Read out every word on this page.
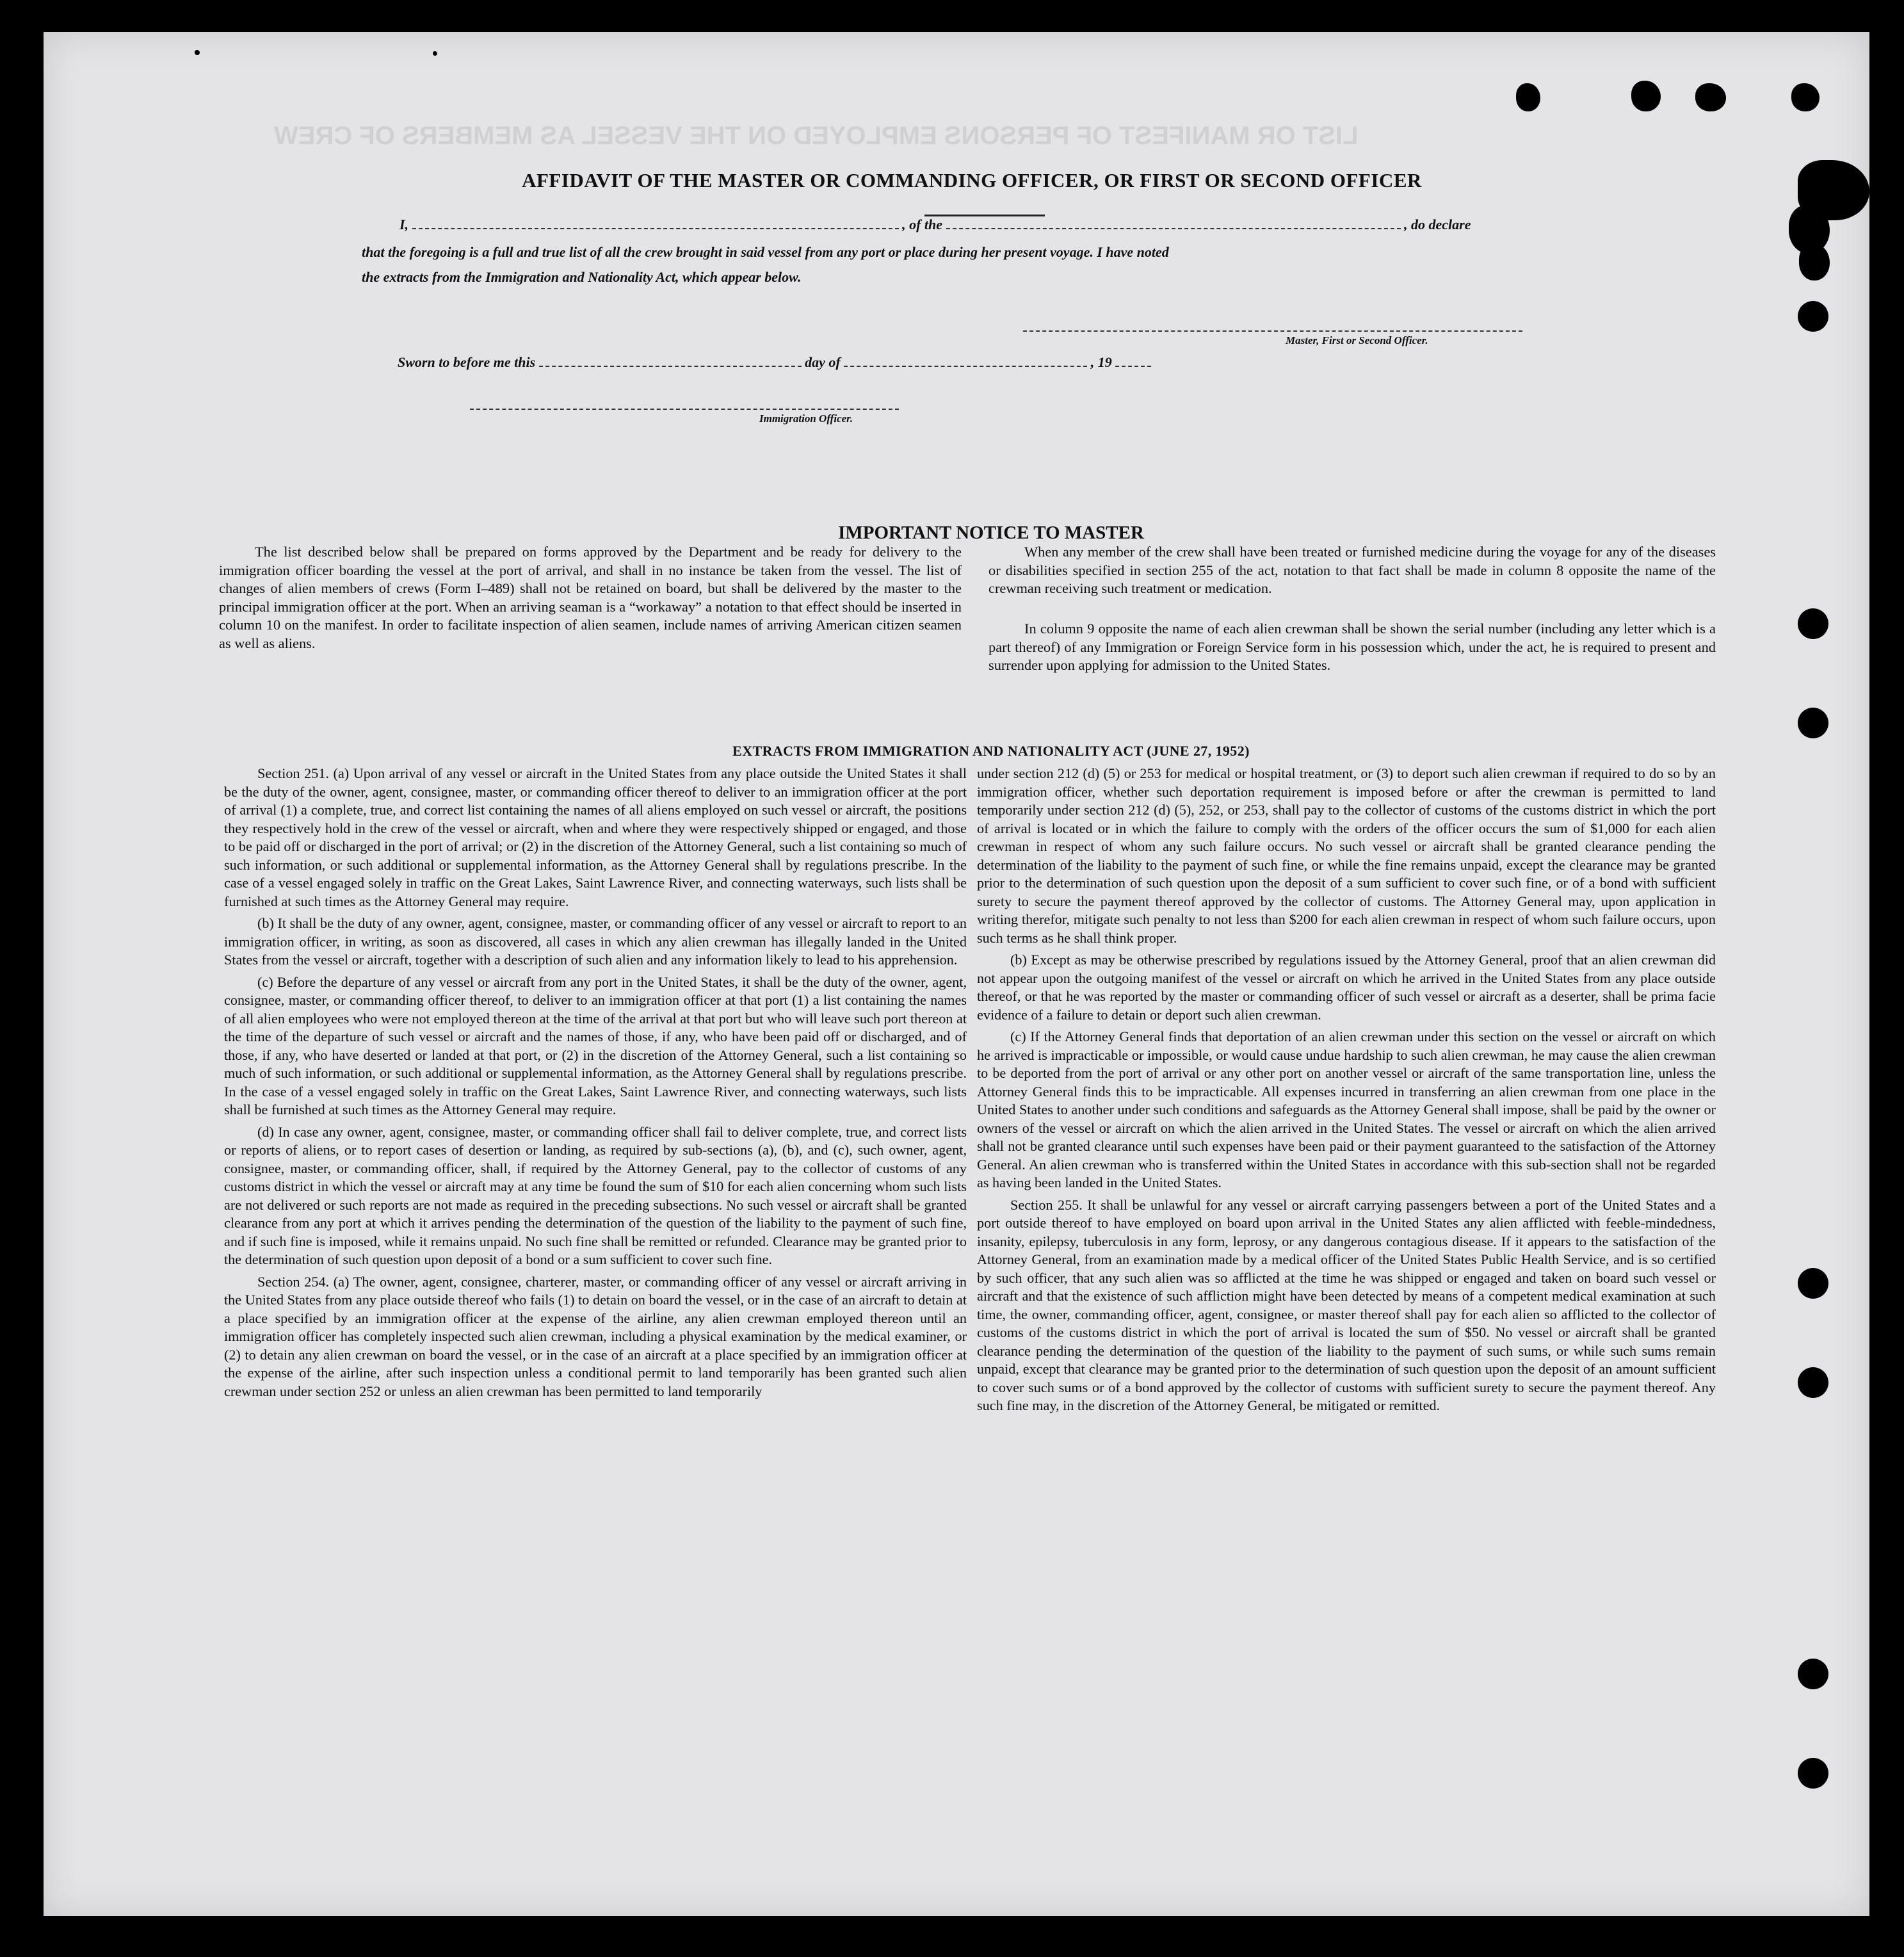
LIST OR MANIFEST OF PERSONS EMPLOYED ON THE VESSEL AS MEMBERS OF CREW
AFFIDAVIT OF THE MASTER OR COMMANDING OFFICER, OR FIRST OR SECOND OFFICER
I,	, of the	, do declare
that the foregoing is a full and true list of all the crew brought in said vessel from any port or place during her present voyage. I have noted
the extracts from the Immigration and Nationality Act, which appear below.
Master, First or Second Officer.
Sworn to before me this	day of	, 19
Immigration Officer.
IMPORTANT NOTICE TO MASTER

The list described below shall be prepared on forms approved by the Department and be ready for delivery to the immigration officer boarding the vessel at the port of arrival, and shall in no instance be taken from the vessel. The list of changes of alien members of crews (Form I–489) shall not be retained on board, but shall be delivered by the master to the principal immigration officer at the port. When an arriving seaman is a “workaway” a notation to that effect should be inserted in column 10 on the manifest. In order to facilitate inspection of alien seamen, include names of arriving American citizen seamen as well as aliens.

When any member of the crew shall have been treated or furnished medicine during the voyage for any of the diseases or disabilities specified in section 255 of the act, notation to that fact shall be made in column 8 opposite the name of the crewman receiving such treatment or medication.

In column 9 opposite the name of each alien crewman shall be shown the serial number (including any letter which is a part thereof) of any Immigration or Foreign Service form in his possession which, under the act, he is required to present and surrender upon applying for admission to the United States.

EXTRACTS FROM IMMIGRATION AND NATIONALITY ACT (JUNE 27, 1952)

Section 251. (a) Upon arrival of any vessel or aircraft in the United States from any place outside the United States it shall be the duty of the owner, agent, consignee, master, or commanding officer thereof to deliver to an immigration officer at the port of arrival (1) a complete, true, and correct list containing the names of all aliens employed on such vessel or aircraft, the positions they respectively hold in the crew of the vessel or aircraft, when and where they were respectively shipped or engaged, and those to be paid off or discharged in the port of arrival; or (2) in the discretion of the Attorney General, such a list containing so much of such information, or such additional or supplemental information, as the Attorney General shall by regulations prescribe. In the case of a vessel engaged solely in traffic on the Great Lakes, Saint Lawrence River, and connecting waterways, such lists shall be furnished at such times as the Attorney General may require.

(b) It shall be the duty of any owner, agent, consignee, master, or commanding officer of any vessel or aircraft to report to an immigration officer, in writing, as soon as discovered, all cases in which any alien crewman has illegally landed in the United States from the vessel or aircraft, together with a description of such alien and any information likely to lead to his apprehension.

(c) Before the departure of any vessel or aircraft from any port in the United States, it shall be the duty of the owner, agent, consignee, master, or commanding officer thereof, to deliver to an immigration officer at that port (1) a list containing the names of all alien employees who were not employed thereon at the time of the arrival at that port but who will leave such port thereon at the time of the departure of such vessel or aircraft and the names of those, if any, who have been paid off or discharged, and of those, if any, who have deserted or landed at that port, or (2) in the discretion of the Attorney General, such a list containing so much of such information, or such additional or supplemental information, as the Attorney General shall by regulations prescribe. In the case of a vessel engaged solely in traffic on the Great Lakes, Saint Lawrence River, and connecting waterways, such lists shall be furnished at such times as the Attorney General may require.

(d) In case any owner, agent, consignee, master, or commanding officer shall fail to deliver complete, true, and correct lists or reports of aliens, or to report cases of desertion or landing, as required by sub-sections (a), (b), and (c), such owner, agent, consignee, master, or commanding officer, shall, if required by the Attorney General, pay to the collector of customs of any customs district in which the vessel or aircraft may at any time be found the sum of $10 for each alien concerning whom such lists are not delivered or such reports are not made as required in the preceding subsections. No such vessel or aircraft shall be granted clearance from any port at which it arrives pending the determination of the question of the liability to the payment of such fine, and if such fine is imposed, while it remains unpaid. No such fine shall be remitted or refunded. Clearance may be granted prior to the determination of such question upon deposit of a bond or a sum sufficient to cover such fine.

Section 254. (a) The owner, agent, consignee, charterer, master, or commanding officer of any vessel or aircraft arriving in the United States from any place outside thereof who fails (1) to detain on board the vessel, or in the case of an aircraft to detain at a place specified by an immigration officer at the expense of the airline, any alien crewman employed thereon until an immigration officer has completely inspected such alien crewman, including a physical examination by the medical examiner, or (2) to detain any alien crewman on board the vessel, or in the case of an aircraft at a place specified by an immigration officer at the expense of the airline, after such inspection unless a conditional permit to land temporarily has been granted such alien crewman under section 252 or unless an alien crewman has been permitted to land temporarily

under section 212 (d) (5) or 253 for medical or hospital treatment, or (3) to deport such alien crewman if required to do so by an immigration officer, whether such deportation requirement is imposed before or after the crewman is permitted to land temporarily under section 212 (d) (5), 252, or 253, shall pay to the collector of customs of the customs district in which the port of arrival is located or in which the failure to comply with the orders of the officer occurs the sum of $1,000 for each alien crewman in respect of whom any such failure occurs. No such vessel or aircraft shall be granted clearance pending the determination of the liability to the payment of such fine, or while the fine remains unpaid, except the clearance may be granted prior to the determination of such question upon the deposit of a sum sufficient to cover such fine, or of a bond with sufficient surety to secure the payment thereof approved by the collector of customs. The Attorney General may, upon application in writing therefor, mitigate such penalty to not less than $200 for each alien crewman in respect of whom such failure occurs, upon such terms as he shall think proper.

(b) Except as may be otherwise prescribed by regulations issued by the Attorney General, proof that an alien crewman did not appear upon the outgoing manifest of the vessel or aircraft on which he arrived in the United States from any place outside thereof, or that he was reported by the master or commanding officer of such vessel or aircraft as a deserter, shall be prima facie evidence of a failure to detain or deport such alien crewman.

(c) If the Attorney General finds that deportation of an alien crewman under this section on the vessel or aircraft on which he arrived is impracticable or impossible, or would cause undue hardship to such alien crewman, he may cause the alien crewman to be deported from the port of arrival or any other port on another vessel or aircraft of the same transportation line, unless the Attorney General finds this to be impracticable. All expenses incurred in transferring an alien crewman from one place in the United States to another under such conditions and safeguards as the Attorney General shall impose, shall be paid by the owner or owners of the vessel or aircraft on which the alien arrived in the United States. The vessel or aircraft on which the alien arrived shall not be granted clearance until such expenses have been paid or their payment guaranteed to the satisfaction of the Attorney General. An alien crewman who is transferred within the United States in accordance with this sub-section shall not be regarded as having been landed in the United States.

Section 255. It shall be unlawful for any vessel or aircraft carrying passengers between a port of the United States and a port outside thereof to have employed on board upon arrival in the United States any alien afflicted with feeble-mindedness, insanity, epilepsy, tuberculosis in any form, leprosy, or any dangerous contagious disease. If it appears to the satisfaction of the Attorney General, from an examination made by a medical officer of the United States Public Health Service, and is so certified by such officer, that any such alien was so afflicted at the time he was shipped or engaged and taken on board such vessel or aircraft and that the existence of such affliction might have been detected by means of a competent medical examination at such time, the owner, commanding officer, agent, consignee, or master thereof shall pay for each alien so afflicted to the collector of customs of the customs district in which the port of arrival is located the sum of $50. No vessel or aircraft shall be granted clearance pending the determination of the question of the liability to the payment of such sums, or while such sums remain unpaid, except that clearance may be granted prior to the determination of such question upon the deposit of an amount sufficient to cover such sums or of a bond approved by the collector of customs with sufficient surety to secure the payment thereof. Any such fine may, in the discretion of the Attorney General, be mitigated or remitted.
